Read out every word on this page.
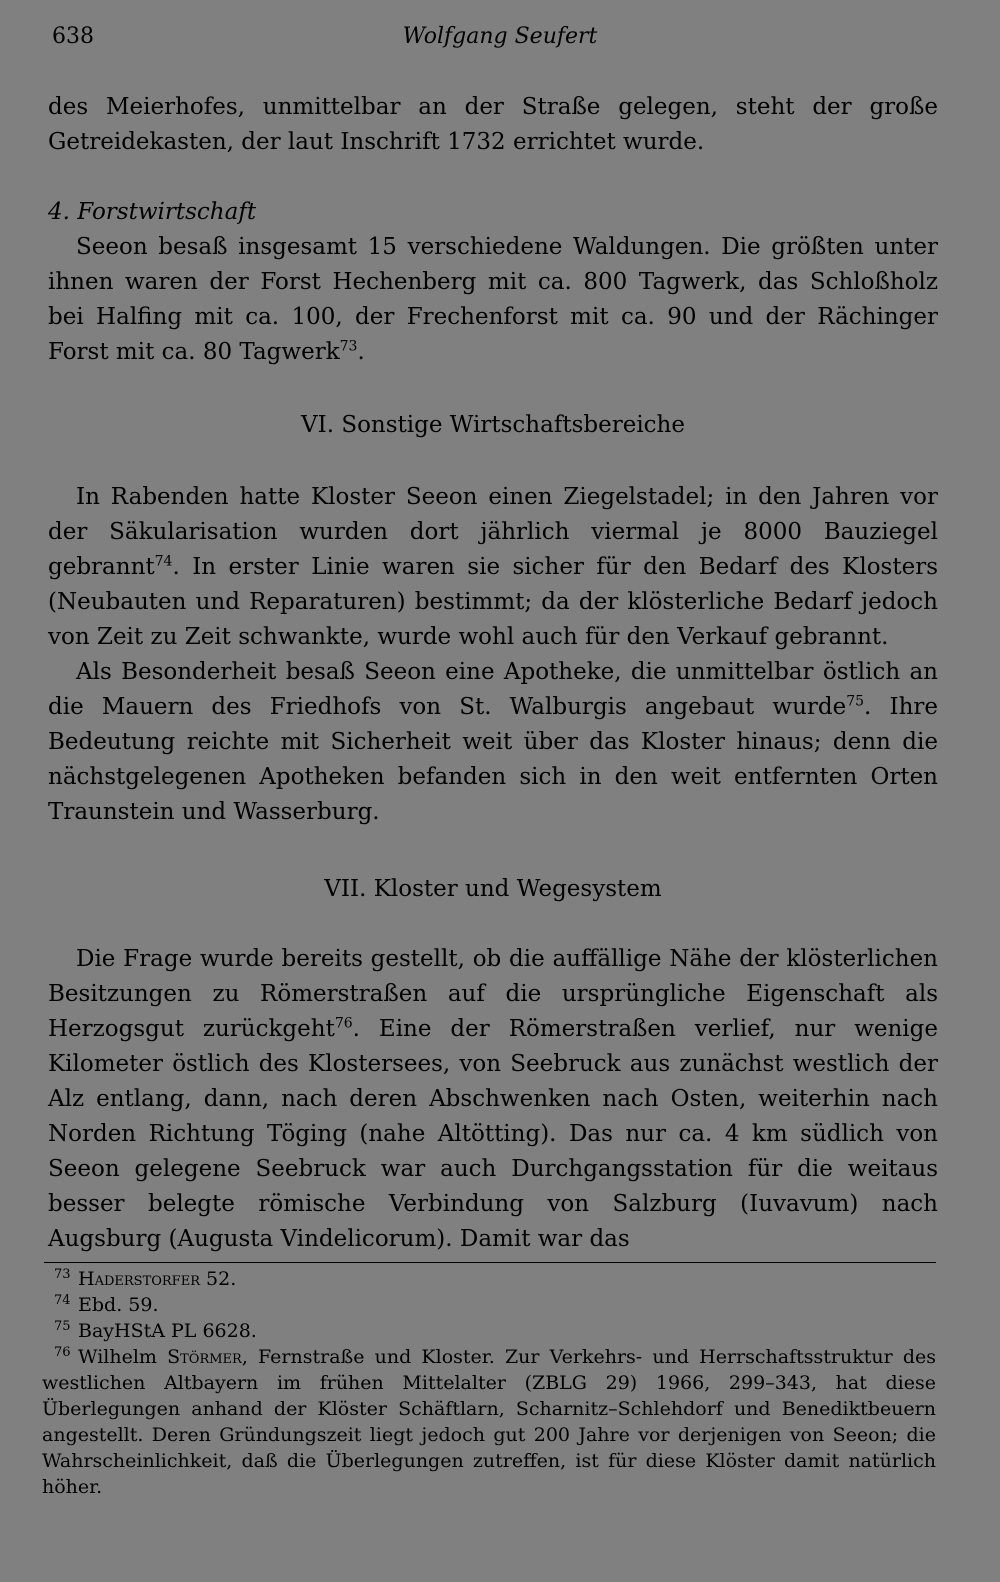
638	Wolfgang Seufert

des Meierhofes, unmittelbar an der Straße gelegen, steht der große Getreidekasten, der laut Inschrift 1732 errichtet wurde.

4. Forstwirtschaft

Seeon besaß insgesamt 15 verschiedene Waldungen. Die größten unter ihnen waren der Forst Hechenberg mit ca. 800 Tagwerk, das Schloßholz bei Halfing mit ca. 100, der Frechenforst mit ca. 90 und der Rächinger Forst mit ca. 80 Tagwerk$^{73}$.

VI. Sonstige Wirtschaftsbereiche

In Rabenden hatte Kloster Seeon einen Ziegelstadel; in den Jahren vor der Säkularisation wurden dort jährlich viermal je 8000 Bauziegel gebrannt$^{74}$. In erster Linie waren sie sicher für den Bedarf des Klosters (Neubauten und Reparaturen) bestimmt; da der klösterliche Bedarf jedoch von Zeit zu Zeit schwankte, wurde wohl auch für den Verkauf gebrannt.

Als Besonderheit besaß Seeon eine Apotheke, die unmittelbar östlich an die Mauern des Friedhofs von St. Walburgis angebaut wurde$^{75}$. Ihre Bedeutung reichte mit Sicherheit weit über das Kloster hinaus; denn die nächstgelegenen Apotheken befanden sich in den weit entfernten Orten Traunstein und Wasserburg.

VII. Kloster und Wegesystem

Die Frage wurde bereits gestellt, ob die auffällige Nähe der klösterlichen Besitzungen zu Römerstraßen auf die ursprüngliche Eigenschaft als Herzogsgut zurückgeht$^{76}$. Eine der Römerstraßen verlief, nur wenige Kilometer östlich des Klostersees, von Seebruck aus zunächst westlich der Alz entlang, dann, nach deren Abschwenken nach Osten, weiterhin nach Norden Richtung Töging (nahe Altötting). Das nur ca. 4 km südlich von Seeon gelegene Seebruck war auch Durchgangsstation für die weitaus besser belegte römische Verbindung von Salzburg (Iuvavum) nach Augsburg (Augusta Vindelicorum). Damit war das

73 Haderstorfer 52.

74 Ebd. 59.

75 BayHStA PL 6628.

76 Wilhelm Störmer, Fernstraße und Kloster. Zur Verkehrs- und Herrschaftsstruktur des westlichen Altbayern im frühen Mittelalter (ZBLG 29) 1966, 299–343, hat diese Überlegungen anhand der Klöster Schäftlarn, Scharnitz–Schlehdorf und Benediktbeuern angestellt. Deren Gründungszeit liegt jedoch gut 200 Jahre vor derjenigen von Seeon; die Wahrscheinlichkeit, daß die Überlegungen zutreffen, ist für diese Klöster damit natürlich höher.
